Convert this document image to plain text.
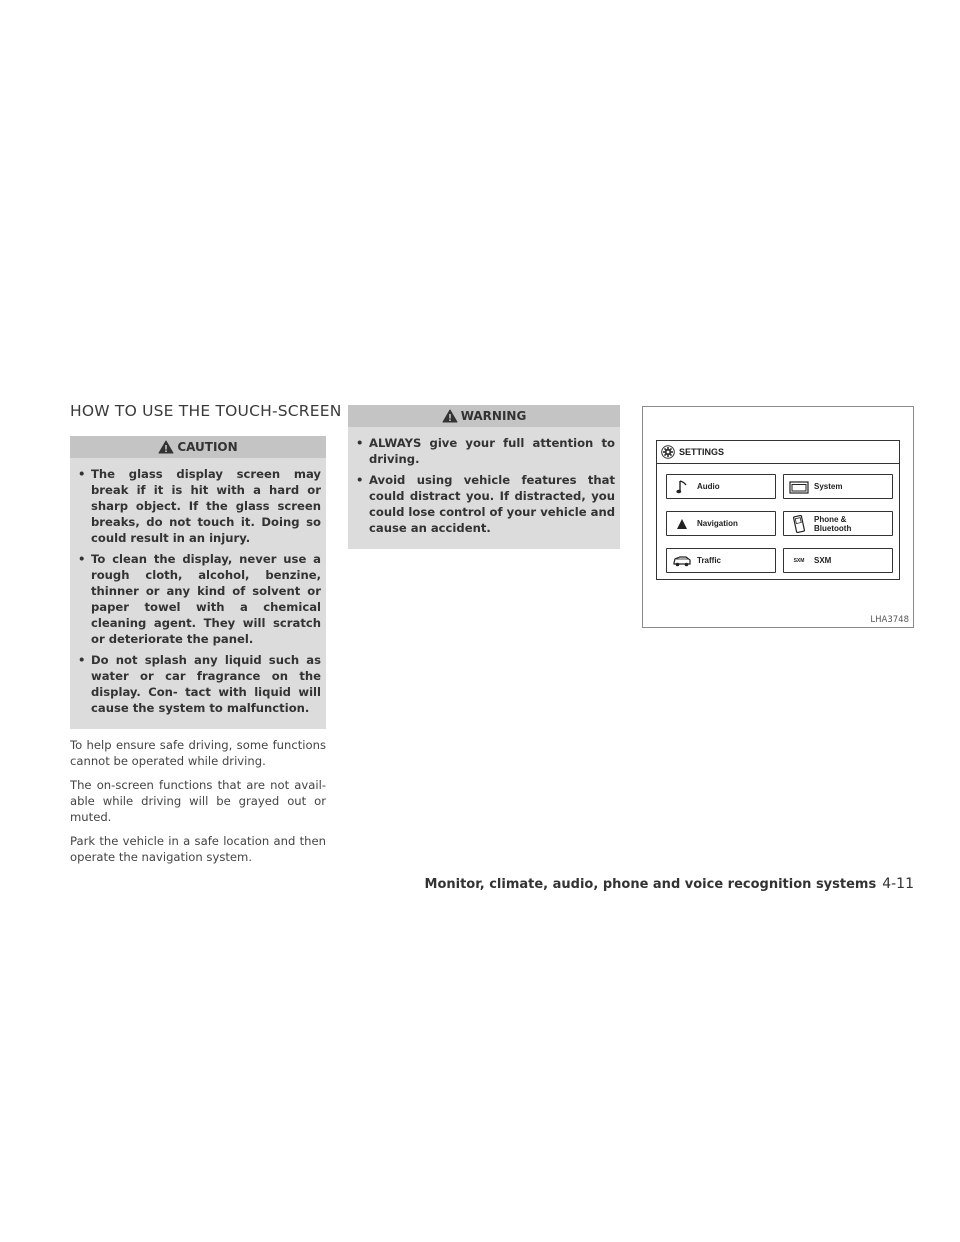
HOW TO USE THE TOUCH-SCREEN
CAUTION
• The glass display screen may break if it is hit with a hard or sharp object. If the glass screen breaks, do not touch it. Doing so could result in an injury.
• To clean the display, never use a rough cloth, alcohol, benzine, thinner or any kind of solvent or paper towel with a chemical cleaning agent. They will scratch or deteriorate the panel.
• Do not splash any liquid such as water or car fragrance on the display. Con- tact with liquid will cause the system to malfunction.

To help ensure safe driving, some functions cannot be operated while driving.

The on-screen functions that are not avail- able while driving will be grayed out or muted.

Park the vehicle in a safe location and then operate the navigation system.

WARNING
• ALWAYS give your full attention to driving.
• Avoid using vehicle features that could distract you. If distracted, you could lose control of your vehicle and cause an accident.
SETTINGS
Audio	System
Navigation	Phone &
Bluetooth
Traffic	SXM SXM
LHA3748
Monitor, climate, audio, phone and voice recognition systems 4-11
